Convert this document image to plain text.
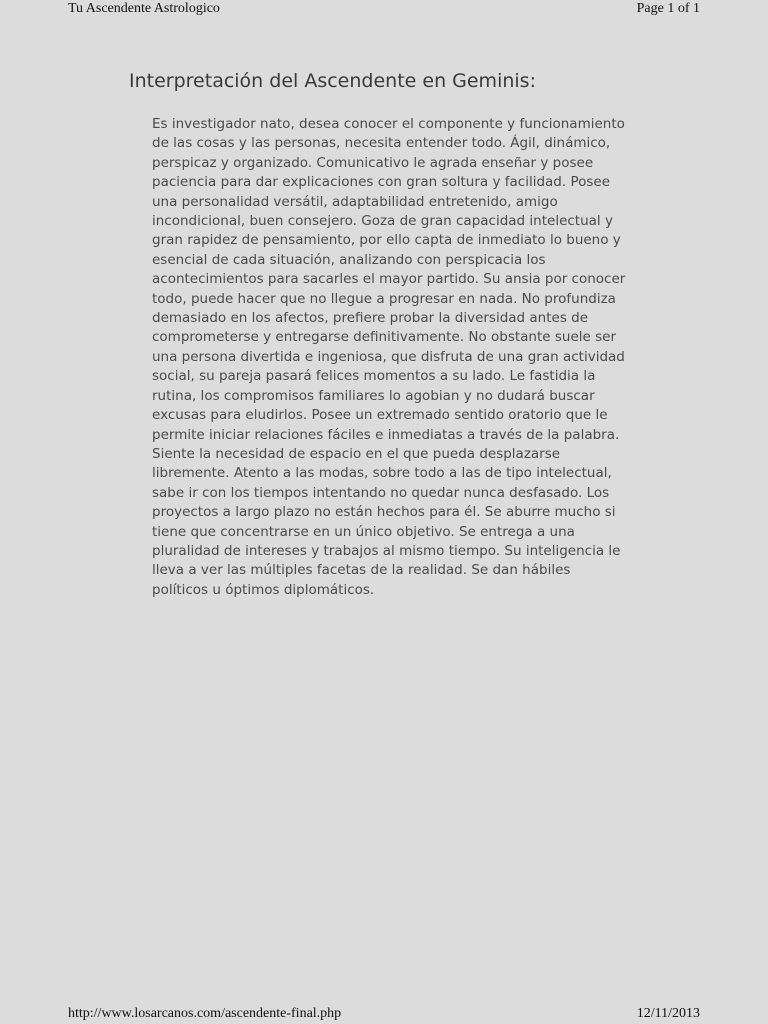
Tu Ascendente Astrologico	Page 1 of 1
Interpretación del Ascendente en Geminis:
Es investigador nato, desea conocer el componente y funcionamiento
de las cosas y las personas, necesita entender todo. Ágil, dinámico,
perspicaz y organizado. Comunicativo le agrada enseñar y posee
paciencia para dar explicaciones con gran soltura y facilidad. Posee
una personalidad versátil, adaptabilidad entretenido, amigo
incondicional, buen consejero. Goza de gran capacidad intelectual y
gran rapidez de pensamiento, por ello capta de inmediato lo bueno y
esencial de cada situación, analizando con perspicacia los
acontecimientos para sacarles el mayor partido. Su ansia por conocer
todo, puede hacer que no llegue a progresar en nada. No profundiza
demasiado en los afectos, prefiere probar la diversidad antes de
comprometerse y entregarse definitivamente. No obstante suele ser
una persona divertida e ingeniosa, que disfruta de una gran actividad
social, su pareja pasará felices momentos a su lado. Le fastidia la
rutina, los compromisos familiares lo agobian y no dudará buscar
excusas para eludirlos. Posee un extremado sentido oratorio que le
permite iniciar relaciones fáciles e inmediatas a través de la palabra.
Siente la necesidad de espacio en el que pueda desplazarse
libremente. Atento a las modas, sobre todo a las de tipo intelectual,
sabe ir con los tiempos intentando no quedar nunca desfasado. Los
proyectos a largo plazo no están hechos para él. Se aburre mucho si
tiene que concentrarse en un único objetivo. Se entrega a una
pluralidad de intereses y trabajos al mismo tiempo. Su inteligencia le
lleva a ver las múltiples facetas de la realidad. Se dan hábiles
políticos u óptimos diplomáticos.
http://www.losarcanos.com/ascendente-final.php	12/11/2013
